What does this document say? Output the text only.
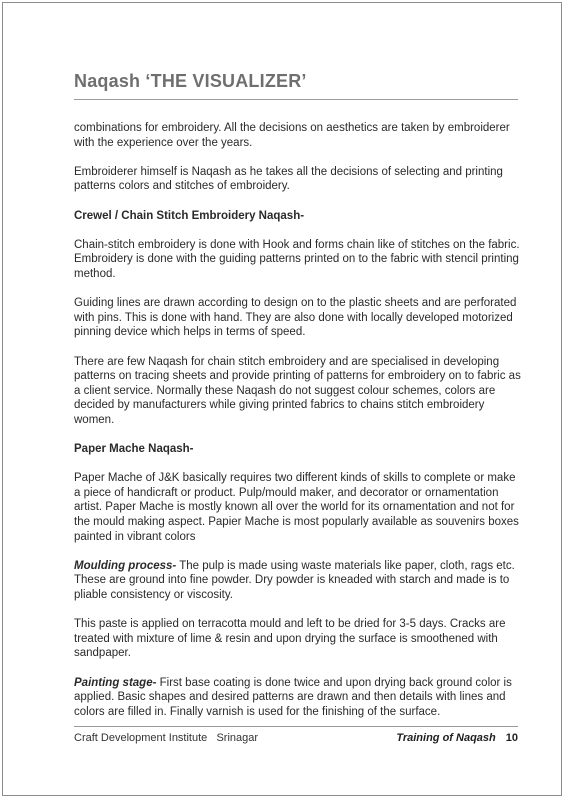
Naqash ‘THE VISUALIZER’

combinations for embroidery. All the decisions on aesthetics are taken by embroiderer with the experience over the years.

Embroiderer himself is Naqash as he takes all the decisions of selecting and printing patterns colors and stitches of embroidery.

Crewel / Chain Stitch Embroidery Naqash-

Chain-stitch embroidery is done with Hook and forms chain like of stitches on the fabric. Embroidery is done with the guiding patterns printed on to the fabric with stencil printing method.

Guiding lines are drawn according to design on to the plastic sheets and are perforated with pins. This is done with hand. They are also done with locally developed motorized pinning device which helps in terms of speed.

There are few Naqash for chain stitch embroidery and are specialised in developing patterns on tracing sheets and provide printing of patterns for embroidery on to fabric as a client service. Normally these Naqash do not suggest colour schemes, colors are decided by manufacturers while giving printed fabrics to chains stitch embroidery women.

Paper Mache Naqash-

Paper Mache of J&K basically requires two different kinds of skills to complete or make a piece of handicraft or product. Pulp/mould maker, and decorator or ornamentation artist. Paper Mache is mostly known all over the world for its ornamentation and not for the mould making aspect. Papier Mache is most popularly available as souvenirs boxes painted in vibrant colors

Moulding process- The pulp is made using waste materials like paper, cloth, rags etc. These are ground into fine powder. Dry powder is kneaded with starch and made is to pliable consistency or viscosity.

This paste is applied on terracotta mould and left to be dried for 3-5 days. Cracks are treated with mixture of lime & resin and upon drying the surface is smoothened with sandpaper.

Painting stage- First base coating is done twice and upon drying back ground color is applied. Basic shapes and desired patterns are drawn and then details with lines and colors are filled in. Finally varnish is used for the finishing of the surface.

Craft Development Institute   Srinagar	Training of Naqash 10
